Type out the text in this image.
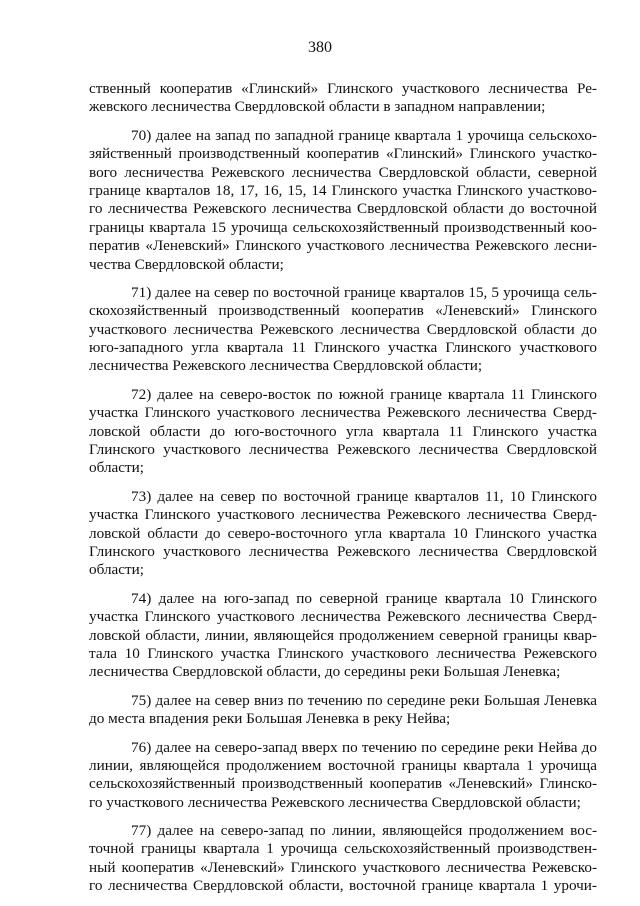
380
ственный кооператив «Глинский» Глинского участкового лесничества Ре-
жевского лесничества Свердловской области в западном направлении;
70) далее на запад по западной границе квартала 1 урочища сельскохо-
зяйственный производственный кооператив «Глинский» Глинского участко-
вого лесничества Режевского лесничества Свердловской области, северной
границе кварталов 18, 17, 16, 15, 14 Глинского участка Глинского участково-
го лесничества Режевского лесничества Свердловской области до восточной
границы квартала 15 урочища сельскохозяйственный производственный коо-
ператив «Леневский» Глинского участкового лесничества Режевского лесни-
чества Свердловской области;
71) далее на север по восточной границе кварталов 15, 5 урочища сель-
скохозяйственный производственный кооператив «Леневский» Глинского
участкового лесничества Режевского лесничества Свердловской области до
юго-западного угла квартала 11 Глинского участка Глинского участкового
лесничества Режевского лесничества Свердловской области;
72) далее на северо-восток по южной границе квартала 11 Глинского
участка Глинского участкового лесничества Режевского лесничества Сверд-
ловской области до юго-восточного угла квартала 11 Глинского участка
Глинского участкового лесничества Режевского лесничества Свердловской
области;
73) далее на север по восточной границе кварталов 11, 10 Глинского
участка Глинского участкового лесничества Режевского лесничества Сверд-
ловской области до северо-восточного угла квартала 10 Глинского участка
Глинского участкового лесничества Режевского лесничества Свердловской
области;
74) далее на юго-запад по северной границе квартала 10 Глинского
участка Глинского участкового лесничества Режевского лесничества Сверд-
ловской области, линии, являющейся продолжением северной границы квар-
тала 10 Глинского участка Глинского участкового лесничества Режевского
лесничества Свердловской области, до середины реки Большая Леневка;
75) далее на север вниз по течению по середине реки Большая Леневка
до места впадения реки Большая Леневка в реку Нейва;
76) далее на северо-запад вверх по течению по середине реки Нейва до
линии, являющейся продолжением восточной границы квартала 1 урочища
сельскохозяйственный производственный кооператив «Леневский» Глинско-
го участкового лесничества Режевского лесничества Свердловской области;
77) далее на северо-запад по линии, являющейся продолжением вос-
точной границы квартала 1 урочища сельскохозяйственный производствен-
ный кооператив «Леневский» Глинского участкового лесничества Режевско-
го лесничества Свердловской области, восточной границе квартала 1 урочи-
